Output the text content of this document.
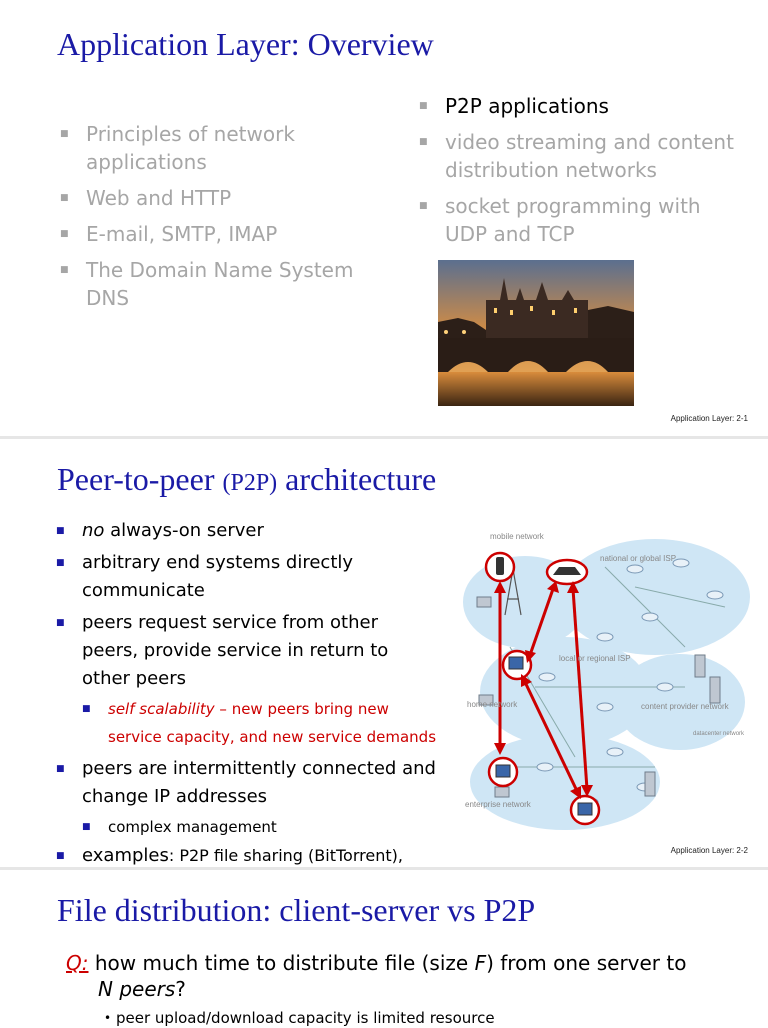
Application Layer: Overview
■ Principles of network applications
■ Web and HTTP
■ E-mail, SMTP, IMAP
■ The Domain Name System DNS
■ P2P applications
■ video streaming and content distribution networks
■ socket programming with UDP and TCP
Application Layer: 2-1
Peer-to-peer (P2P) architecture
■ no always-on server
■ arbitrary end systems directly communicate
■ peers request service from other peers, provide service in return to other peers
■ self scalability – new peers bring new service capacity, and new service demands
■ peers are intermittently connected and change IP addresses
■ complex management
■ examples: P2P file sharing (BitTorrent),
mobile network
national or global ISP
local or regional ISP
home network	content provider network
datacenter network
enterprise network
Application Layer: 2-2
File distribution: client-server vs P2P
Q: how much time to distribute file (size F) from one server to
N peers?
• peer upload/download capacity is limited resource
